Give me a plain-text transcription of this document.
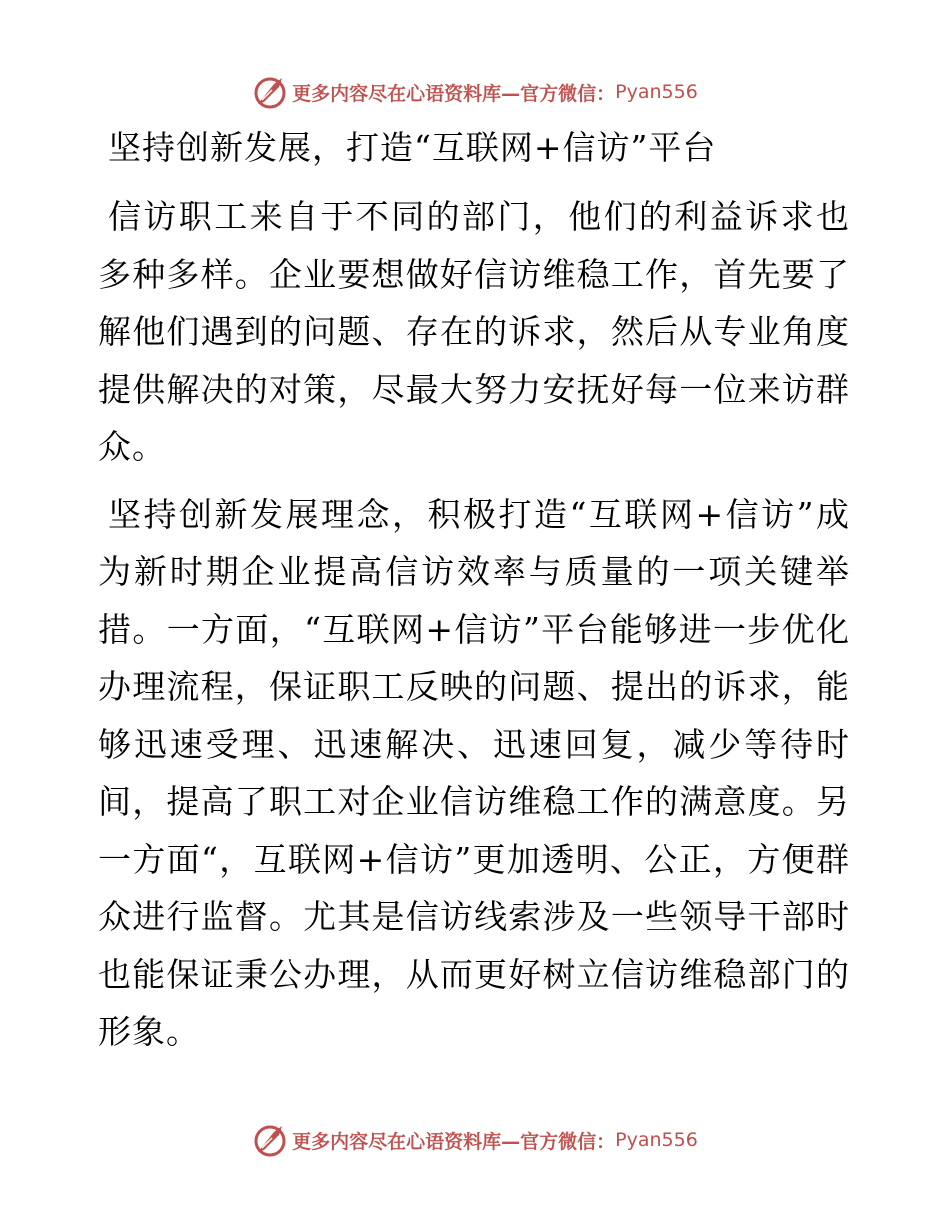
更多内容尽在心语资料库—官方微信： Pyan556
坚持创新发展，打造“互联网+信访”平台

信访职工来自于不同的部门，他们的利益诉求也多种多样。企业要想做好信访维稳工作，首先要了解他们遇到的问题、存在的诉求，然后从专业角度提供解决的对策，尽最大努力安抚好每一位来访群众。

坚持创新发展理念，积极打造“互联网+信访”成为新时期企业提高信访效率与质量的一项关键举措。一方面，“互联网+信访”平台能够进一步优化办理流程，保证职工反映的问题、提出的诉求，能够迅速受理、迅速解决、迅速回复，减少等待时间，提高了职工对企业信访维稳工作的满意度。另一方面“，互联网+信访”更加透明、公正，方便群众进行监督。尤其是信访线索涉及一些领导干部时也能保证秉公办理，从而更好树立信访维稳部门的形象。

更多内容尽在心语资料库—官方微信： Pyan556
